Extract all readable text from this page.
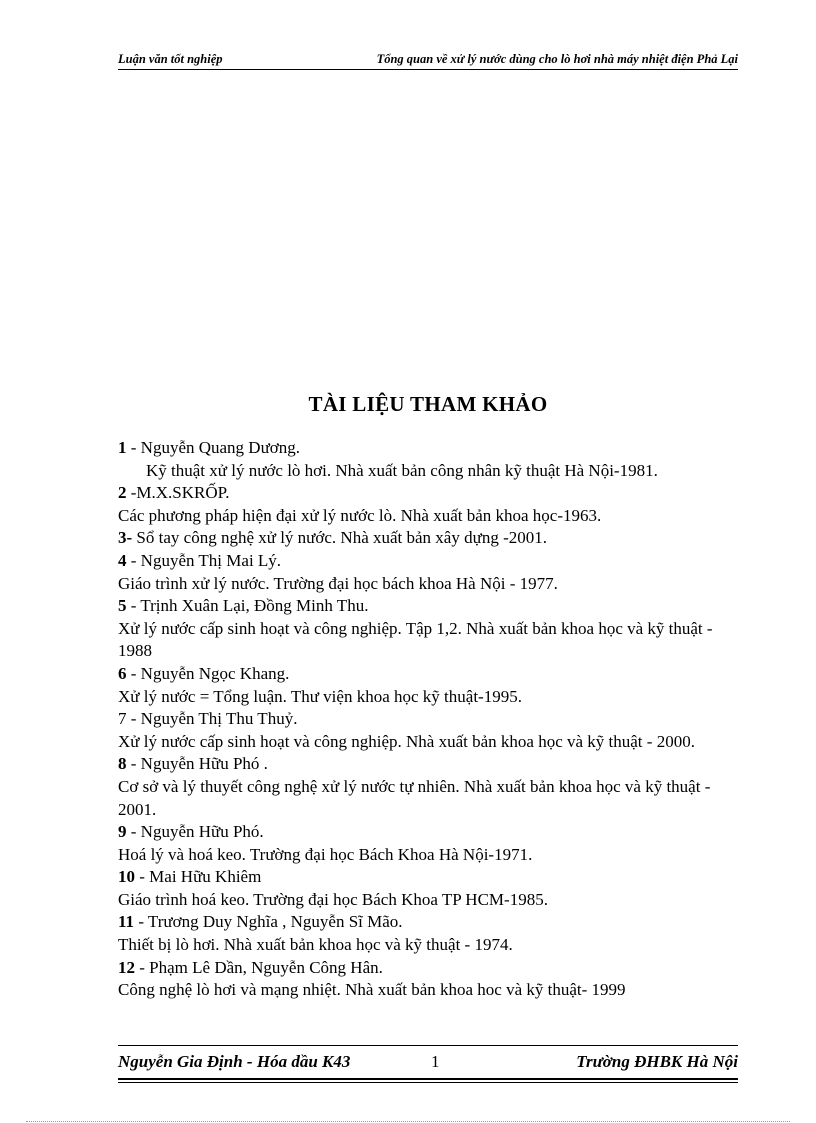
Luận văn tốt nghiệp	Tổng quan về xử lý nước dùng cho lò hơi nhà máy nhiệt điện Phả Lại
TÀI LIỆU THAM KHẢO
1 - Nguyễn Quang Dương.
Kỹ thuật xử lý nước lò hơi. Nhà xuất bản công nhân kỹ thuật Hà Nội-1981.
2 -M.X.SKRỐP.
Các phương pháp hiện đại xử lý nước lò. Nhà xuất bản khoa học-1963.
3- Sổ tay công nghệ xử lý nước. Nhà xuất bản xây dựng -2001.
4 - Nguyễn Thị Mai Lý.
Giáo trình xử lý nước. Trường đại học bách khoa Hà Nội - 1977.
5 - Trịnh Xuân Lại, Đồng Minh Thu.
Xử lý nước cấp sinh hoạt và công nghiệp. Tập 1,2. Nhà xuất bản khoa học và kỹ thuật - 1988
6 - Nguyễn Ngọc Khang.
Xử lý nước = Tổng luận. Thư viện khoa học kỹ thuật-1995.
7 - Nguyễn Thị Thu Thuỷ.
Xử lý nước cấp sinh hoạt và công nghiệp. Nhà xuất bản khoa học và kỹ thuật - 2000.
8 - Nguyễn Hữu Phó .
Cơ sở và lý thuyết công nghệ xử lý nước tự nhiên. Nhà xuất bản khoa học và kỹ thuật - 2001.
9 - Nguyễn Hữu Phó.
Hoá lý và hoá keo. Trường đại học Bách Khoa Hà Nội-1971.
10 - Mai Hữu Khiêm
Giáo trình hoá keo. Trường đại học Bách Khoa TP HCM-1985.
11 - Trương Duy Nghĩa , Nguyễn Sĩ Mão.
Thiết bị lò hơi. Nhà xuất bản khoa học và kỹ thuật - 1974.
12 - Phạm Lê Dần, Nguyễn Công Hân.
Công nghệ lò hơi và mạng nhiệt. Nhà xuất bản khoa hoc và kỹ thuật- 1999
Nguyễn Gia Định - Hóa dầu K43	1	Trường ĐHBK Hà Nội
